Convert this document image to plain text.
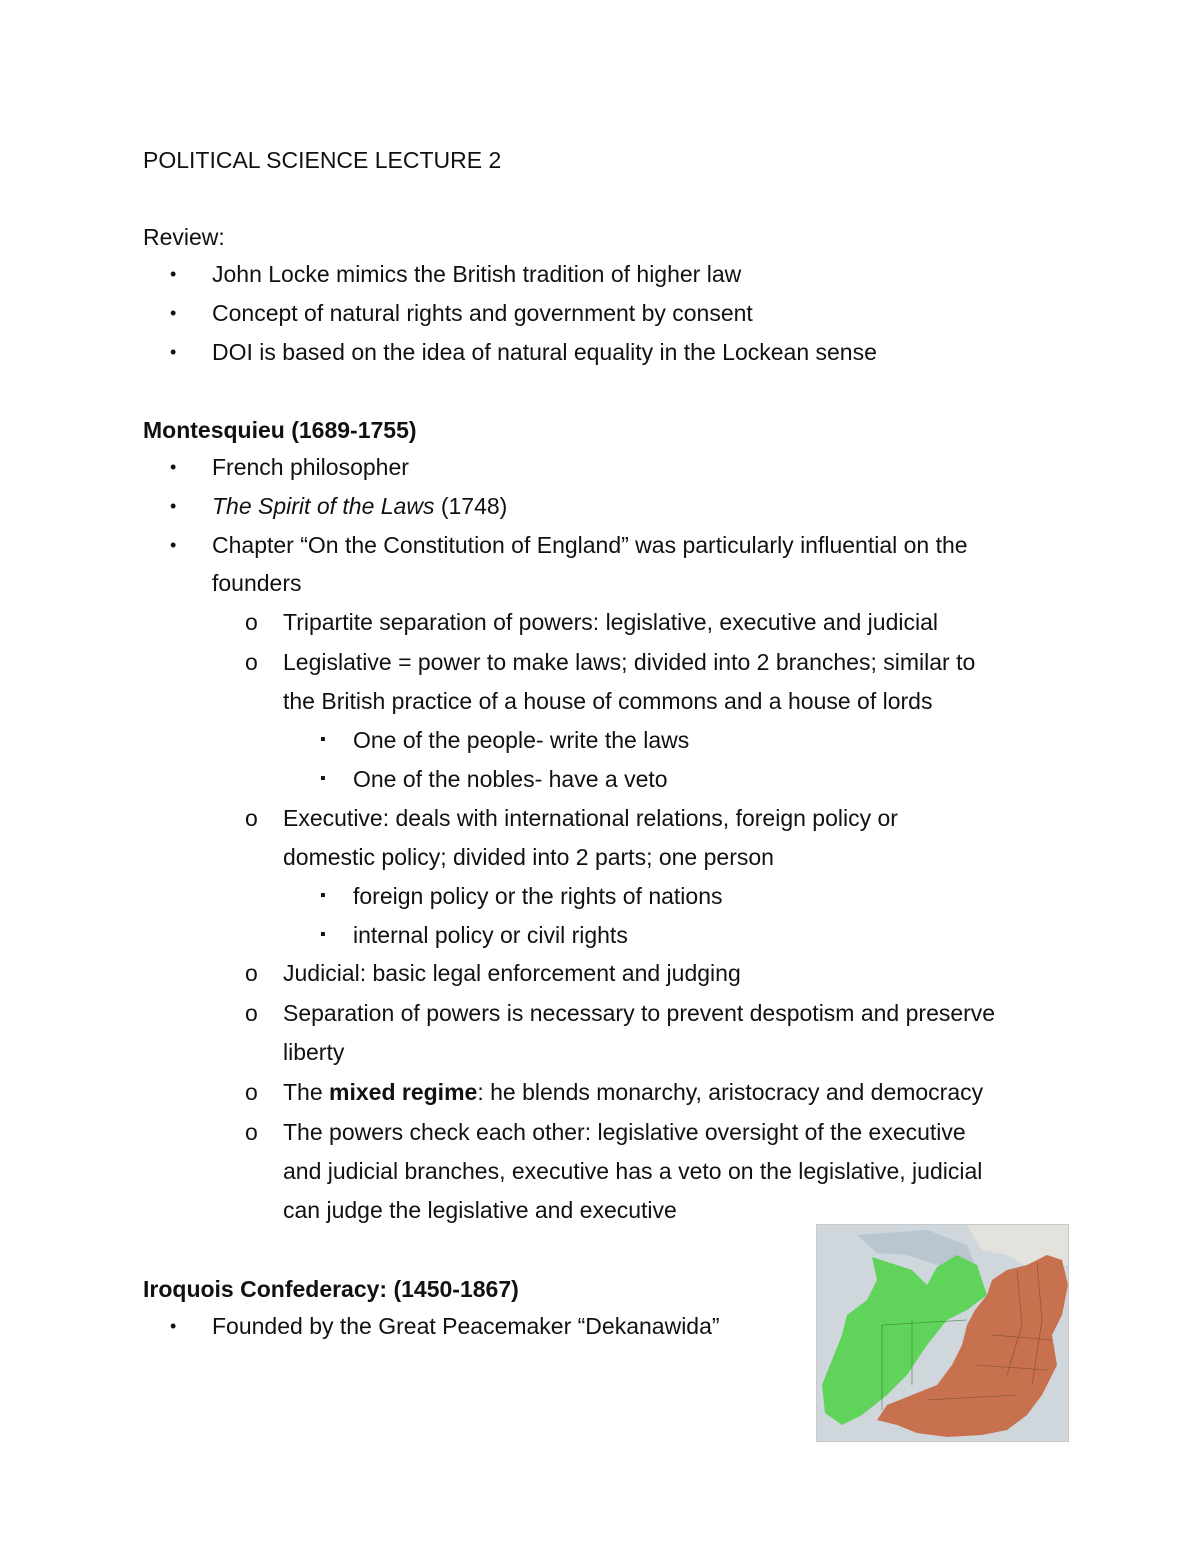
POLITICAL SCIENCE LECTURE 2
Review:
• John Locke mimics the British tradition of higher law
• Concept of natural rights and government by consent
• DOI is based on the idea of natural equality in the Lockean sense
Montesquieu (1689-1755)
• French philosopher
• The Spirit of the Laws (1748)
• Chapter “On the Constitution of England” was particularly influential on the
founders
o Tripartite separation of powers: legislative, executive and judicial
o Legislative = power to make laws; divided into 2 branches; similar to
the British practice of a house of commons and a house of lords
▪ One of the people- write the laws
▪ One of the nobles- have a veto
o Executive: deals with international relations, foreign policy or
domestic policy; divided into 2 parts; one person
▪ foreign policy or the rights of nations
▪ internal policy or civil rights
o Judicial: basic legal enforcement and judging
o Separation of powers is necessary to prevent despotism and preserve
liberty
o The mixed regime: he blends monarchy, aristocracy and democracy
o The powers check each other: legislative oversight of the executive
and judicial branches, executive has a veto on the legislative, judicial
can judge the legislative and executive
Iroquois Confederacy: (1450-1867)
• Founded by the Great Peacemaker “Dekanawida”
